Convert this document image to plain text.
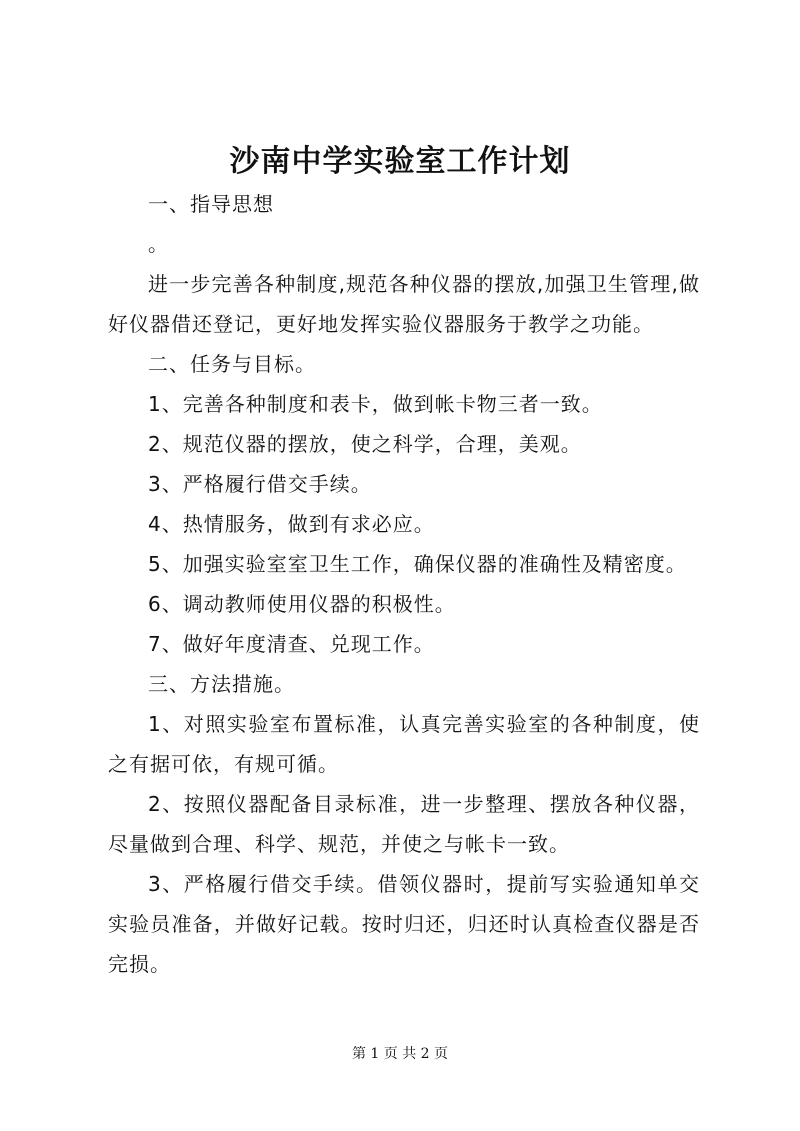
沙南中学实验室工作计划

一、指导思想

。

进一步完善各种制度,规范各种仪器的摆放,加强卫生管理,做好仪器借还登记，更好地发挥实验仪器服务于教学之功能。

二、任务与目标。

1、完善各种制度和表卡，做到帐卡物三者一致。

2、规范仪器的摆放，使之科学，合理，美观。

3、严格履行借交手续。

4、热情服务，做到有求必应。

5、加强实验室室卫生工作，确保仪器的准确性及精密度。

6、调动教师使用仪器的积极性。

7、做好年度清查、兑现工作。

三、方法措施。

1、对照实验室布置标准，认真完善实验室的各种制度，使之有据可依，有规可循。

2、按照仪器配备目录标准，进一步整理、摆放各种仪器，尽量做到合理、科学、规范，并使之与帐卡一致。

3、严格履行借交手续。借领仪器时，提前写实验通知单交实验员准备，并做好记载。按时归还，归还时认真检查仪器是否完损。

第 1 页 共 2 页
